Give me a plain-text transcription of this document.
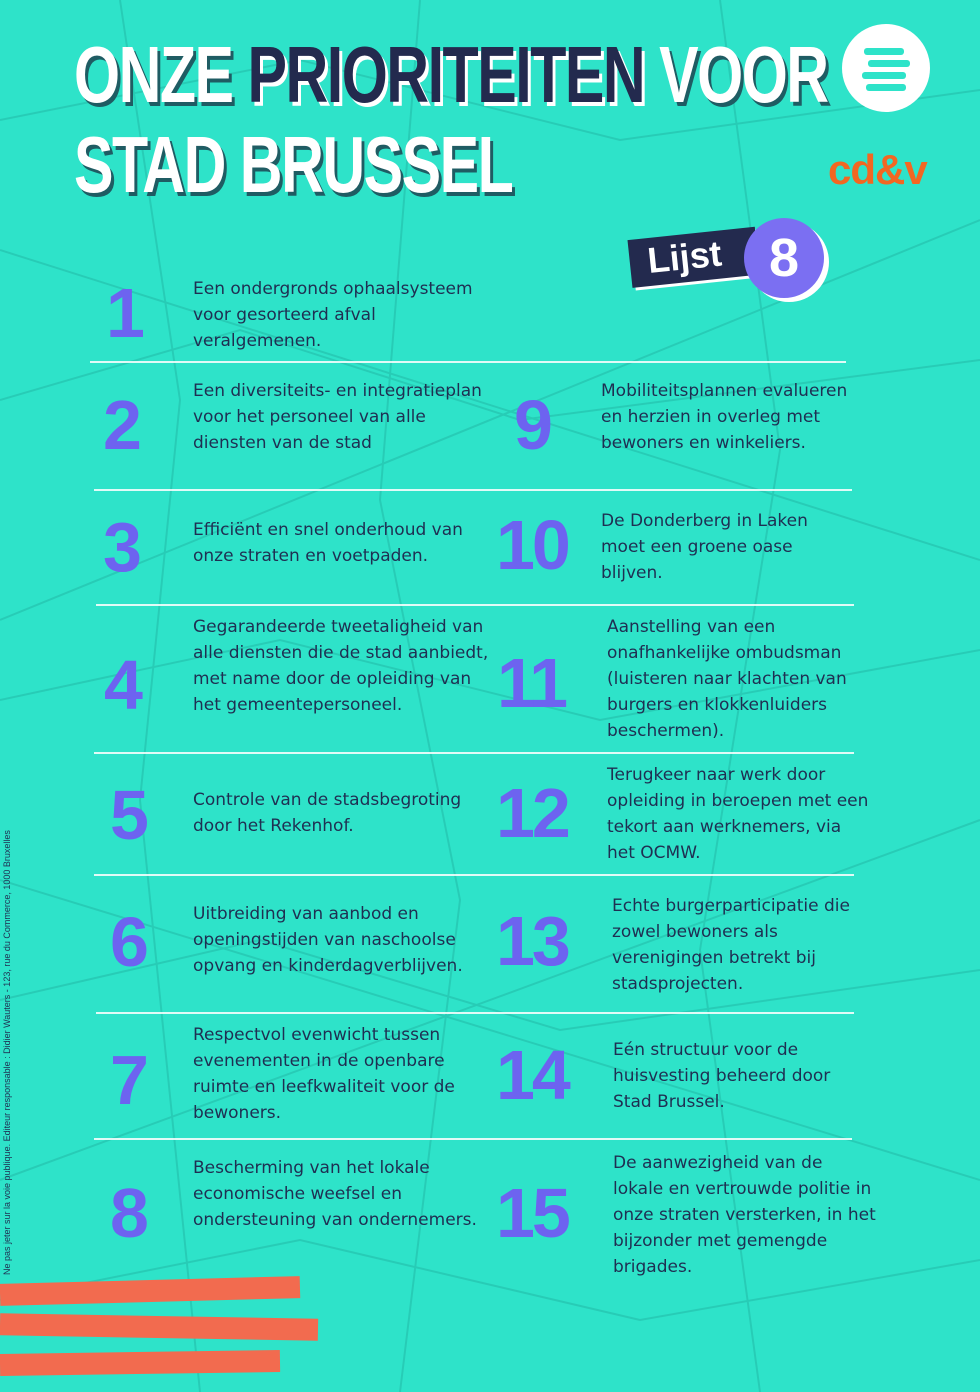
ONZE PRIORITEITEN VOOR
STAD BRUSSEL	cd&v
Lijst 8
1	Een ondergronds ophaalsysteem voor gesorteerd afval veralgemenen.
2	Een diversiteits- en integratieplan voor het personeel van alle diensten van de stad
3	Efficiënt en snel onderhoud van onze straten en voetpaden.
4
Gegarandeerde tweetaligheid van alle diensten die de stad aanbiedt, met name door de opleiding van het gemeentepersoneel.
5	Controle van de stadsbegroting door het Rekenhof.
6	Uitbreiding van aanbod en openingstijden van naschoolse opvang en kinderdagverblijven.
7
Respectvol evenwicht tussen evenementen in de openbare ruimte en leefkwaliteit voor de bewoners.
8
Bescherming van het lokale economische weefsel en ondersteuning van ondernemers.
9	Mobiliteitsplannen evalueren en herzien in overleg met bewoners en winkeliers.
10 De Donderberg in Laken moet een groene oase blijven.
11
Aanstelling van een onafhankelijke ombudsman (luisteren naar klachten van burgers en klokkenluiders beschermen).
12 Terugkeer naar werk door opleiding in beroepen met een tekort aan werknemers, via het OCMW.
13	Echte burgerparticipatie die zowel bewoners als verenigingen betrekt bij stadsprojecten.
14	Eén structuur voor de huisvesting beheerd door Stad Brussel.
15
De aanwezigheid van de lokale en vertrouwde politie in onze straten versterken, in het bijzonder met gemengde brigades.
Ne pas jeter sur la voie publique. Editeur responsable : Didier Wauters - 123, rue du Commerce, 1000 Bruxelles
